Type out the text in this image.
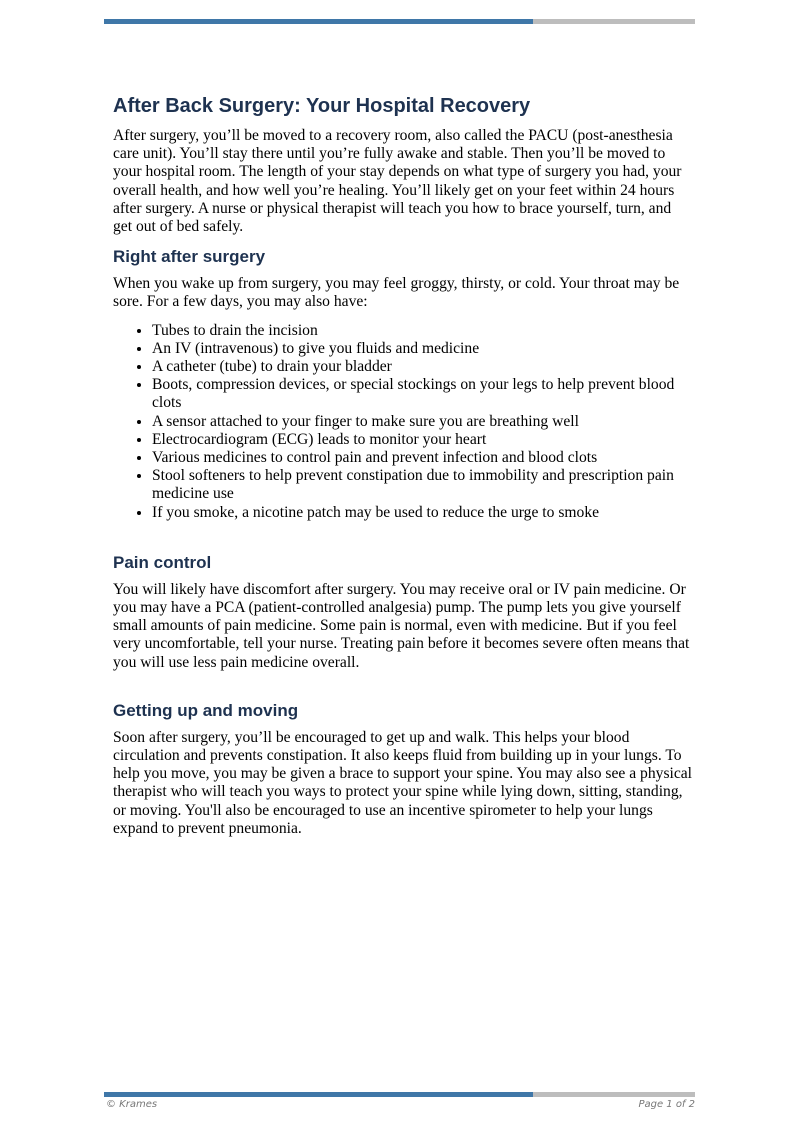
After Back Surgery: Your Hospital Recovery

After surgery, you’ll be moved to a recovery room, also called the PACU (post-anesthesia care unit). You’ll stay there until you’re fully awake and stable. Then you’ll be moved to your hospital room. The length of your stay depends on what type of surgery you had, your overall health, and how well you’re healing. You’ll likely get on your feet within 24 hours after surgery. A nurse or physical therapist will teach you how to brace yourself, turn, and get out of bed safely.

Right after surgery

When you wake up from surgery, you may feel groggy, thirsty, or cold. Your throat may be sore. For a few days, you may also have:

• Tubes to drain the incision
• An IV (intravenous) to give you fluids and medicine
• A catheter (tube) to drain your bladder
• Boots, compression devices, or special stockings on your legs to help prevent blood clots
• A sensor attached to your finger to make sure you are breathing well
• Electrocardiogram (ECG) leads to monitor your heart
• Various medicines to control pain and prevent infection and blood clots
• Stool softeners to help prevent constipation due to immobility and prescription pain medicine use
• If you smoke, a nicotine patch may be used to reduce the urge to smoke
Pain control

You will likely have discomfort after surgery. You may receive oral or IV pain medicine. Or you may have a PCA (patient-controlled analgesia) pump. The pump lets you give yourself small amounts of pain medicine. Some pain is normal, even with medicine. But if you feel very uncomfortable, tell your nurse. Treating pain before it becomes severe often means that you will use less pain medicine overall.

Getting up and moving

Soon after surgery, you’ll be encouraged to get up and walk. This helps your blood circulation and prevents constipation. It also keeps fluid from building up in your lungs. To help you move, you may be given a brace to support your spine. You may also see a physical therapist who will teach you ways to protect your spine while lying down, sitting, standing, or moving. You'll also be encouraged to use an incentive spirometer to help your lungs expand to prevent pneumonia.

© Krames	Page 1 of 2
